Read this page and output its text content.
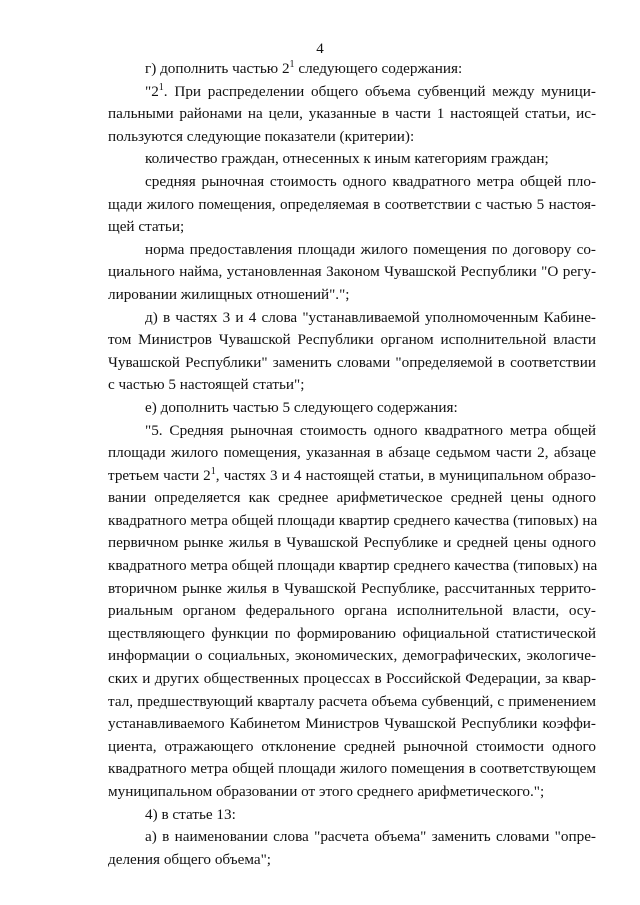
4
г) дополнить частью $2^1$ следующего содержания:
"$2^1$. При распределении общего объема субвенций между муници-
пальными районами на цели, указанные в части 1 настоящей статьи, ис-
пользуются следующие показатели (критерии):
количество граждан, отнесенных к иным категориям граждан;
средняя рыночная стоимость одного квадратного метра общей пло-
щади жилого помещения, определяемая в соответствии с частью 5 настоя-
щей статьи;
норма предоставления площади жилого помещения по договору со-
циального найма, установленная Законом Чувашской Республики "О регу-
лировании жилищных отношений".";
д) в частях 3 и 4 слова "устанавливаемой уполномоченным Кабине-
том Министров Чувашской Республики органом исполнительной власти
Чувашской Республики" заменить словами "определяемой в соответствии
с частью 5 настоящей статьи";
е) дополнить частью 5 следующего содержания:
"5. Средняя рыночная стоимость одного квадратного метра общей
площади жилого помещения, указанная в абзаце седьмом части 2, абзаце
третьем части $2^1$, частях 3 и 4 настоящей статьи, в муниципальном образо-
вании определяется как среднее арифметическое средней цены одного
квадратного метра общей площади квартир среднего качества (типовых) на
первичном рынке жилья в Чувашской Республике и средней цены одного
квадратного метра общей площади квартир среднего качества (типовых) на
вторичном рынке жилья в Чувашской Республике, рассчитанных террито-
риальным органом федерального органа исполнительной власти, осу-
ществляющего функции по формированию официальной статистической
информации о социальных, экономических, демографических, экологиче-
ских и других общественных процессах в Российской Федерации, за квар-
тал, предшествующий кварталу расчета объема субвенций, с применением
устанавливаемого Кабинетом Министров Чувашской Республики коэффи-
циента, отражающего отклонение средней рыночной стоимости одного
квадратного метра общей площади жилого помещения в соответствующем
муниципальном образовании от этого среднего арифметического.";
4) в статье 13:
а) в наименовании слова "расчета объема" заменить словами "опре-
деления общего объема";
